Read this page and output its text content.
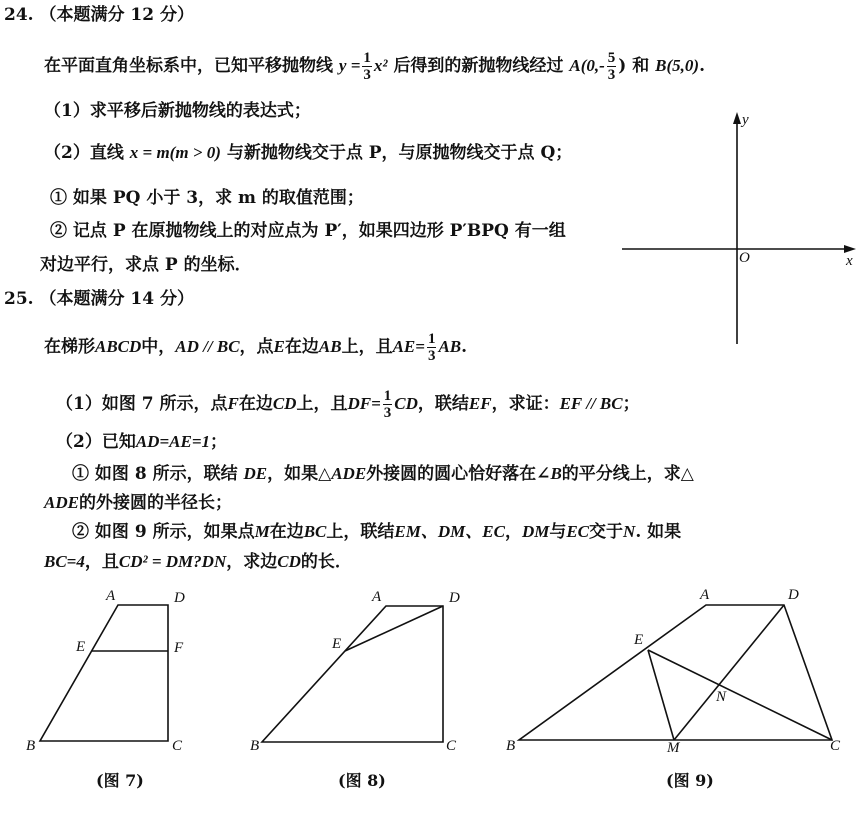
24. （本题满分 12 分）
在平面直角坐标系中，已知平移抛物线 $y = \frac{1}{3} x^2$ 后得到的新抛物线经过 $A(0,- \frac{5}{3}$ ) 和 B(5,0).
（1）求平移后新抛物线的表达式；
（2）直线 x = m(m > 0) 与新抛物线交于点 P，与原抛物线交于点 Q；
① 如果 PQ 小于 3，求 m 的取值范围；
② 记点 P 在原抛物线上的对应点为 P′，如果四边形 P′BPQ 有一组
对边平行，求点 P 的坐标．
y
x
O
25. （本题满分 14 分）
在梯形ABCD中，AD // BC，点E在边AB上，且$AE= \frac{1}{3}$ AB.
（1）如图 7 所示，点F在边CD上，且$DF= \frac{1}{3}$ CD，联结EF，求证：EF // BC；
（2）已知AD=AE=1；
① 如图 8 所示，联结 DE，如果△ADE外接圆的圆心恰好落在∠B的平分线上，求△
ADE的外接圆的半径长；
② 如图 9 所示，如果点M在边BC上，联结EM、DM、EC，DM与EC交于N. 如果
BC=4，且CD² = DM?DN，求边CD的长．
A	D
E	F
B	C
A	D
E
B	C
A	D
E
N
B	M	C
(图 7)	(图 8)	(图 9)
